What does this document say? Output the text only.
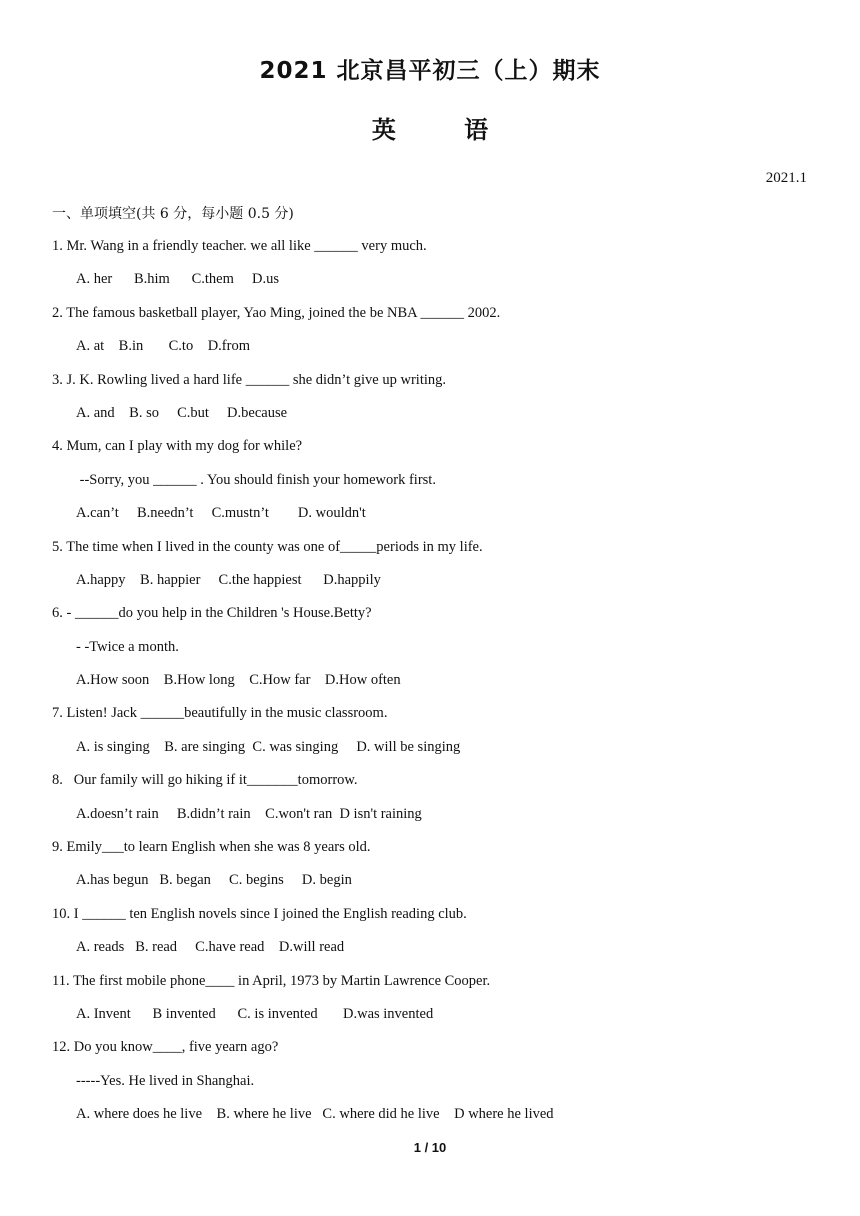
2021 北京昌平初三（上）期末
英	语
2021.1
一、单项填空(共 6 分，每小题 0.5 分)
1. Mr. Wang in a friendly teacher. we all like ______ very much.
A. her      B.him      C.them     D.us
2. The famous basketball player, Yao Ming, joined the be NBA ______ 2002.
A. at    B.in       C.to    D.from
3. J. K. Rowling lived a hard life ______ she didn’t give up writing.
A. and    B. so     C.but     D.because
4. Mum, can I play with my dog for while?
--Sorry, you ______ . You should finish your homework first.
A.can’t     B.needn’t     C.mustn’t        D. wouldn't
5. The time when I lived in the county was one of_____periods in my life.
A.happy    B. happier     C.the happiest      D.happily
6. - ______do you help in the Children 's House.Betty?
- -Twice a month.
A.How soon    B.How long    C.How far    D.How often
7. Listen! Jack ______beautifully in the music classroom.
A. is singing    B. are singing  C. was singing     D. will be singing
8.   Our family will go hiking if it_______tomorrow.
A.doesn’t rain     B.didn’t rain    C.won't ran  D isn't raining
9. Emily___to learn English when she was 8 years old.
A.has begun   B. began     C. begins     D. begin
10. I ______ ten English novels since I joined the English reading club.
A. reads   B. read     C.have read    D.will read
11. The first mobile phone____ in April, 1973 by Martin Lawrence Cooper.
A. Invent      B invented      C. is invented       D.was invented
12. Do you know____, five yearn ago?
-----Yes. He lived in Shanghai.
A. where does he live    B. where he live   C. where did he live    D where he lived
1 / 10
